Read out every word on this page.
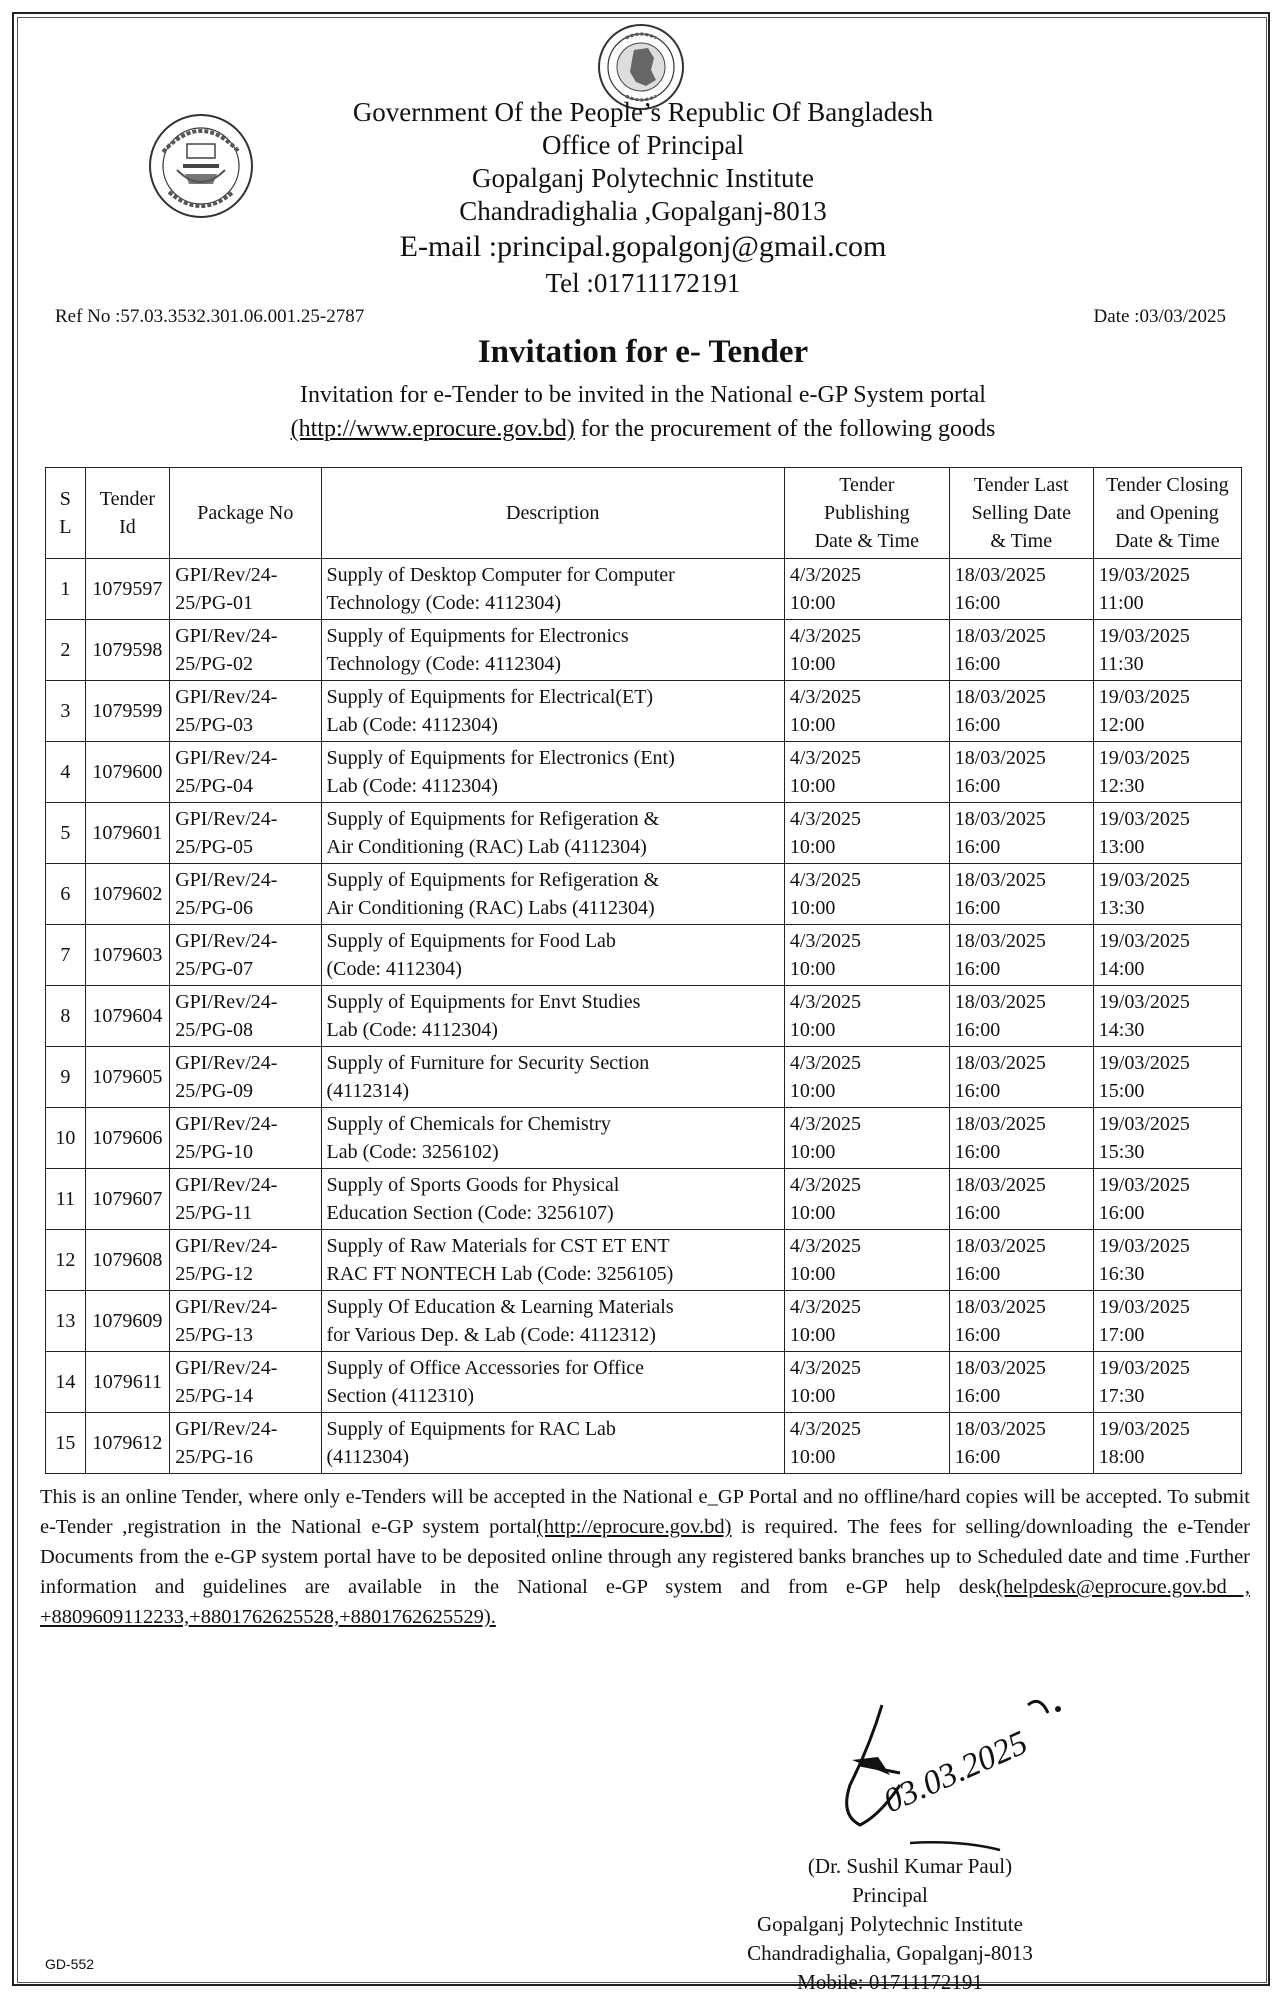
Government Of the People’s Republic Of Bangladesh
Office of Principal
Gopalganj Polytechnic Institute
Chandradighalia ,Gopalganj-8013
E-mail :principal.gopalgonj@gmail.com
Tel :01711172191
Ref No :57.03.3532.301.06.001.25-2787	Date :03/03/2025
Invitation for e- Tender
Invitation for e-Tender to be invited in the National e-GP System portal
(http://www.eprocure.gov.bd) for the procurement of the following goods
S
L	Tender
Id	Package No	Description	Tender
Publishing
Date & Time	Tender Last
Selling Date
& Time	Tender Closing
and Opening
Date & Time

1	1079597	GPI/Rev/24-
25/PG-01	Supply of Desktop Computer for Computer
Technology (Code: 4112304)	4/3/2025
10:00	18/03/2025
16:00	19/03/2025
11:00

2	1079598	GPI/Rev/24-
25/PG-02	Supply of Equipments for Electronics
Technology (Code: 4112304)	4/3/2025
10:00	18/03/2025
16:00	19/03/2025
11:30

3	1079599	GPI/Rev/24-
25/PG-03	Supply of Equipments for Electrical(ET)
Lab (Code: 4112304)	4/3/2025
10:00	18/03/2025
16:00	19/03/2025
12:00

4	1079600	GPI/Rev/24-
25/PG-04	Supply of Equipments for Electronics (Ent)
Lab (Code: 4112304)	4/3/2025
10:00	18/03/2025
16:00	19/03/2025
12:30

5	1079601	GPI/Rev/24-
25/PG-05	Supply of Equipments for Refigeration &
Air Conditioning (RAC) Lab (4112304)	4/3/2025
10:00	18/03/2025
16:00	19/03/2025
13:00

6	1079602	GPI/Rev/24-
25/PG-06	Supply of Equipments for Refigeration &
Air Conditioning (RAC) Labs (4112304)	4/3/2025
10:00	18/03/2025
16:00	19/03/2025
13:30

7	1079603	GPI/Rev/24-
25/PG-07	Supply of Equipments for Food Lab
(Code: 4112304)	4/3/2025
10:00	18/03/2025
16:00	19/03/2025
14:00

8	1079604	GPI/Rev/24-
25/PG-08	Supply of Equipments for Envt Studies
Lab (Code: 4112304)	4/3/2025
10:00	18/03/2025
16:00	19/03/2025
14:30

9	1079605	GPI/Rev/24-
25/PG-09	Supply of Furniture for Security Section
(4112314)	4/3/2025
10:00	18/03/2025
16:00	19/03/2025
15:00

10	1079606	GPI/Rev/24-
25/PG-10	Supply of Chemicals for Chemistry
Lab (Code: 3256102)	4/3/2025
10:00	18/03/2025
16:00	19/03/2025
15:30

11	1079607	GPI/Rev/24-
25/PG-11	Supply of Sports Goods for Physical
Education Section (Code: 3256107)	4/3/2025
10:00	18/03/2025
16:00	19/03/2025
16:00

12	1079608	GPI/Rev/24-
25/PG-12	Supply of Raw Materials for CST ET ENT
RAC FT NONTECH Lab (Code: 3256105)	4/3/2025
10:00	18/03/2025
16:00	19/03/2025
16:30

13	1079609	GPI/Rev/24-
25/PG-13	Supply Of Education & Learning Materials
for Various Dep. & Lab (Code: 4112312)	4/3/2025
10:00	18/03/2025
16:00	19/03/2025
17:00

14	1079611	GPI/Rev/24-
25/PG-14	Supply of Office Accessories for Office
Section (4112310)	4/3/2025
10:00	18/03/2025
16:00	19/03/2025
17:30

15	1079612	GPI/Rev/24-
25/PG-16	Supply of Equipments for RAC Lab
(4112304)	4/3/2025
10:00	18/03/2025
16:00	19/03/2025
18:00
This is an online Tender, where only e-Tenders will be accepted in the National e_GP Portal and no offline/hard copies will be accepted. To submit e-Tender ,registration in the National e-GP system portal(http://eprocure.gov.bd) is required. The fees for selling/downloading the e-Tender Documents from the e-GP system portal have to be deposited online through any registered banks branches up to Scheduled date and time .Further information and guidelines are available in the National e-GP system and from e-GP help desk(helpdesk@eprocure.gov.bd , +8809609112233,+8801762625528,+8801762625529).
03.03.2025
(Dr. Sushil Kumar Paul)
Principal
Gopalganj Polytechnic Institute
Chandradighalia, Gopalganj-8013
Mobile: 01711172191
GD-552
